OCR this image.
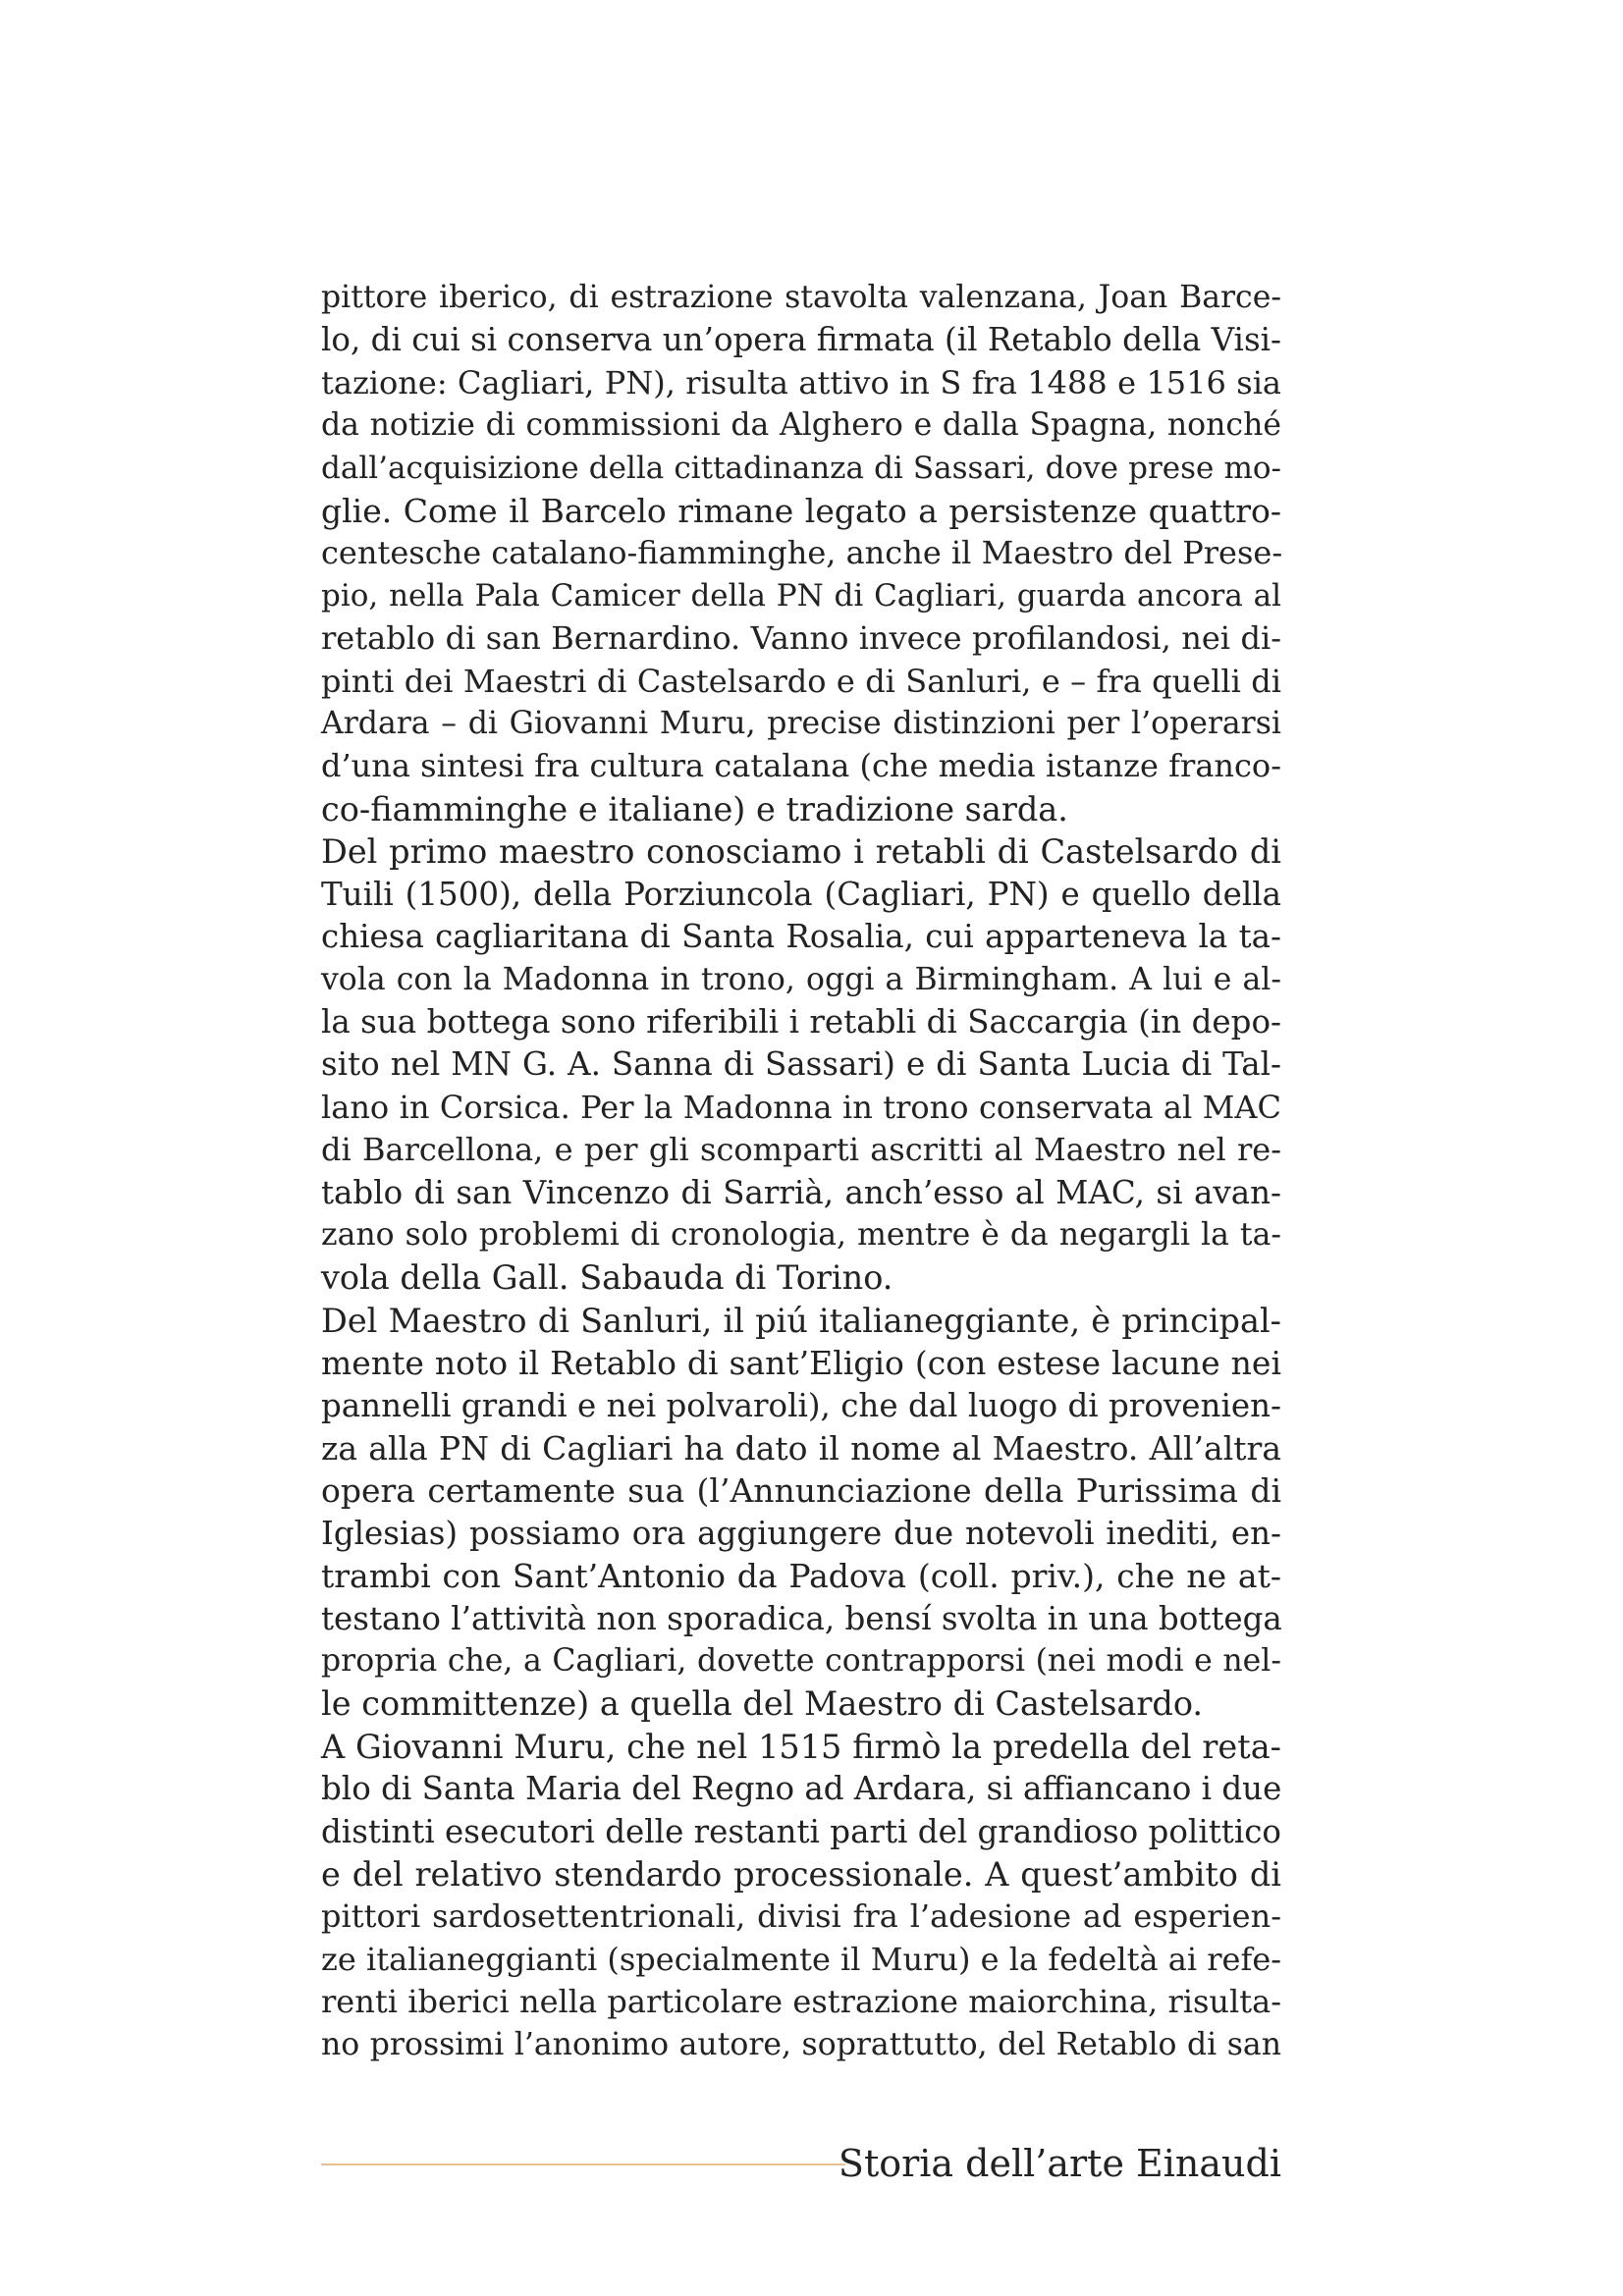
pittore iberico, di estrazione stavolta valenzana, Joan Barce-
lo, di cui si conserva un’opera firmata (il Retablo della Visi-
tazione: Cagliari, PN), risulta attivo in S fra 1488 e 1516 sia
da notizie di commissioni da Alghero e dalla Spagna, nonché
dall’acquisizione della cittadinanza di Sassari, dove prese mo-
glie. Come il Barcelo rimane legato a persistenze quattro-
centesche catalano-fiamminghe, anche il Maestro del Prese-
pio, nella Pala Camicer della PN di Cagliari, guarda ancora al
retablo di san Bernardino. Vanno invece profilandosi, nei di-
pinti dei Maestri di Castelsardo e di Sanluri, e – fra quelli di
Ardara – di Giovanni Muru, precise distinzioni per l’operarsi
d’una sintesi fra cultura catalana (che media istanze franco-
co-fiamminghe e italiane) e tradizione sarda.
Del primo maestro conosciamo i retabli di Castelsardo di
Tuili (1500), della Porziuncola (Cagliari, PN) e quello della
chiesa cagliaritana di Santa Rosalia, cui apparteneva la ta-
vola con la Madonna in trono, oggi a Birmingham. A lui e al-
la sua bottega sono riferibili i retabli di Saccargia (in depo-
sito nel MN G. A. Sanna di Sassari) e di Santa Lucia di Tal-
lano in Corsica. Per la Madonna in trono conservata al MAC
di Barcellona, e per gli scomparti ascritti al Maestro nel re-
tablo di san Vincenzo di Sarrià, anch’esso al MAC, si avan-
zano solo problemi di cronologia, mentre è da negargli la ta-
vola della Gall. Sabauda di Torino.
Del Maestro di Sanluri, il piú italianeggiante, è principal-
mente noto il Retablo di sant’Eligio (con estese lacune nei
pannelli grandi e nei polvaroli), che dal luogo di provenien-
za alla PN di Cagliari ha dato il nome al Maestro. All’altra
opera certamente sua (l’Annunciazione della Purissima di
Iglesias) possiamo ora aggiungere due notevoli inediti, en-
trambi con Sant’Antonio da Padova (coll. priv.), che ne at-
testano l’attività non sporadica, bensí svolta in una bottega
propria che, a Cagliari, dovette contrapporsi (nei modi e nel-
le committenze) a quella del Maestro di Castelsardo.
A Giovanni Muru, che nel 1515 firmò la predella del reta-
blo di Santa Maria del Regno ad Ardara, si affiancano i due
distinti esecutori delle restanti parti del grandioso polittico
e del relativo stendardo processionale. A quest’ambito di
pittori sardosettentrionali, divisi fra l’adesione ad esperien-
ze italianeggianti (specialmente il Muru) e la fedeltà ai refe-
renti iberici nella particolare estrazione maiorchina, risulta-
no prossimi l’anonimo autore, soprattutto, del Retablo di san
Storia dell’arte Einaudi
